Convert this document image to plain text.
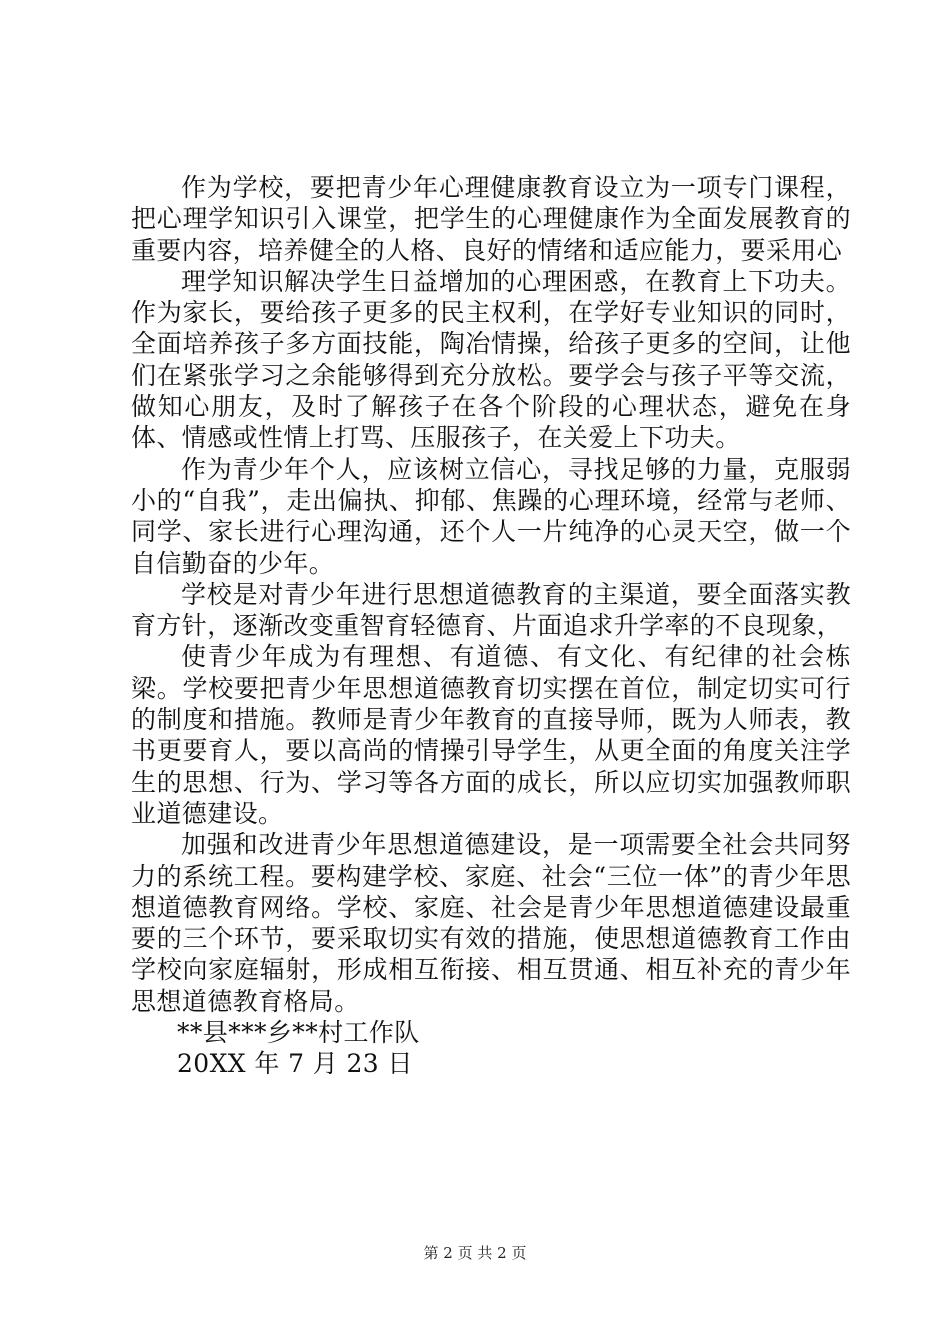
作为学校，要把青少年心理健康教育设立为一项专门课程，把心理学知识引入课堂，把学生的心理健康作为全面发展教育的重要内容，培养健全的人格、良好的情绪和适应能力，要采用心

理学知识解决学生日益增加的心理困惑，在教育上下功夫。作为家长，要给孩子更多的民主权利，在学好专业知识的同时，全面培养孩子多方面技能，陶冶情操，给孩子更多的空间，让他们在紧张学习之余能够得到充分放松。要学会与孩子平等交流，做知心朋友，及时了解孩子在各个阶段的心理状态，避免在身体、情感或性情上打骂、压服孩子，在关爱上下功夫。

作为青少年个人，应该树立信心，寻找足够的力量，克服弱小的“自我”，走出偏执、抑郁、焦躁的心理环境，经常与老师、同学、家长进行心理沟通，还个人一片纯净的心灵天空，做一个自信勤奋的少年。

学校是对青少年进行思想道德教育的主渠道，要全面落实教育方针，逐渐改变重智育轻德育、片面追求升学率的不良现象，

使青少年成为有理想、有道德、有文化、有纪律的社会栋梁。学校要把青少年思想道德教育切实摆在首位，制定切实可行的制度和措施。教师是青少年教育的直接导师，既为人师表，教书更要育人，要以高尚的情操引导学生，从更全面的角度关注学生的思想、行为、学习等各方面的成长，所以应切实加强教师职业道德建设。

加强和改进青少年思想道德建设，是一项需要全社会共同努力的系统工程。要构建学校、家庭、社会“三位一体”的青少年思想道德教育网络。学校、家庭、社会是青少年思想道德建设最重要的三个环节，要采取切实有效的措施，使思想道德教育工作由学校向家庭辐射，形成相互衔接、相互贯通、相互补充的青少年思想道德教育格局。

**县***乡**村工作队

20XX 年 7 月 23 日

第 2 页 共 2 页
